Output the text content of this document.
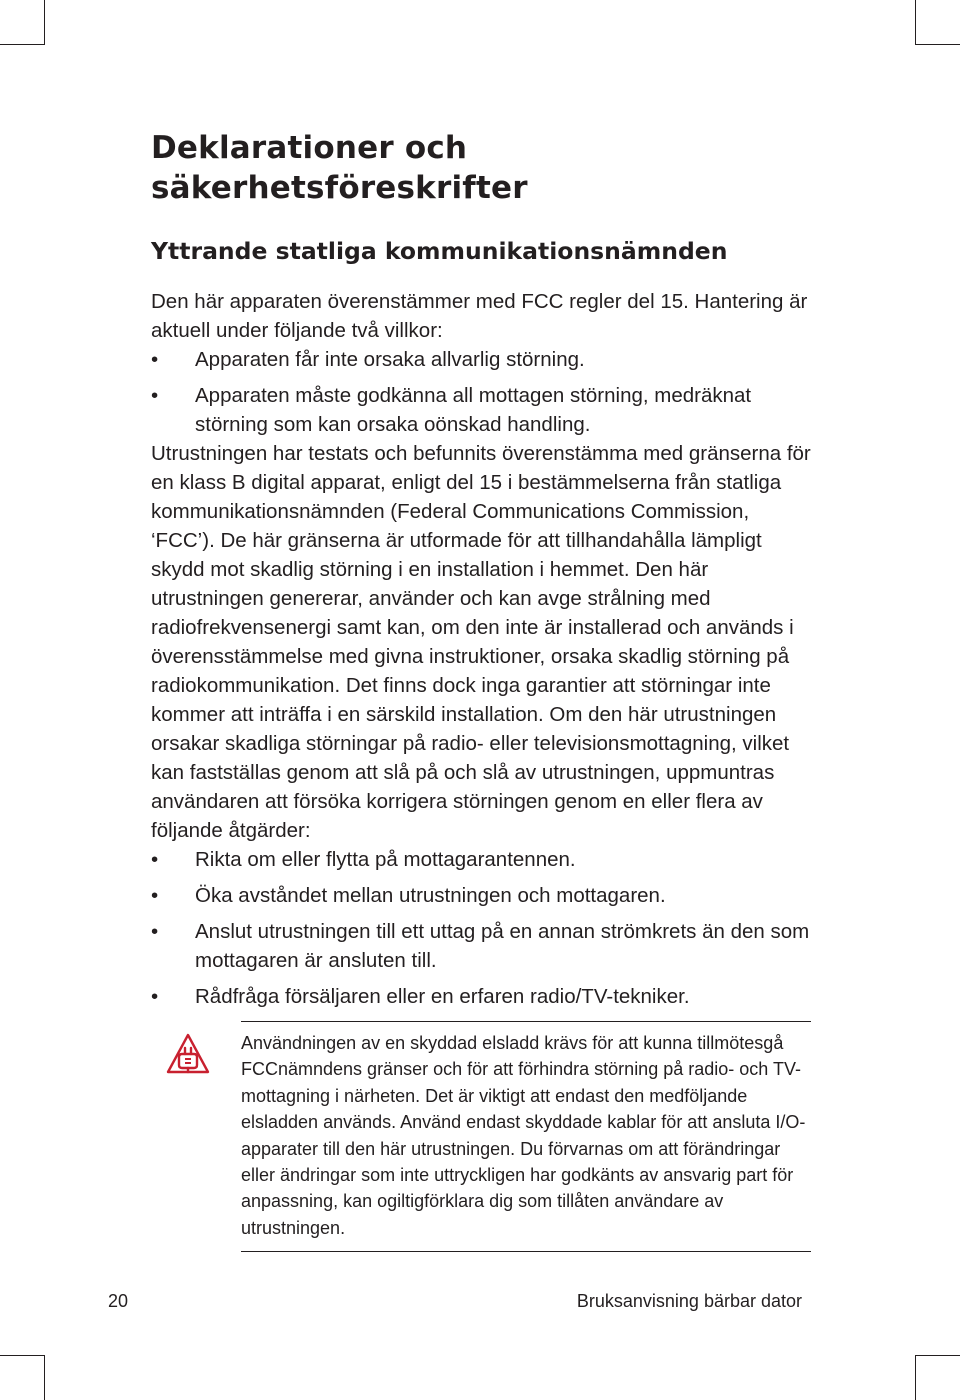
Deklarationer och
säkerhetsföreskrifter
Yttrande statliga kommunikationsnämnden

Den här apparaten överenstämmer med FCC regler del 15. Hantering är aktuell under följande två villkor:

• Apparaten får inte orsaka allvarlig störning.
• Apparaten måste godkänna all mottagen störning, medräknat störning som kan orsaka oönskad handling.

Utrustningen har testats och befunnits överenstämma med gränserna för en klass B digital apparat, enligt del 15 i bestämmelserna från statliga kommunikationsnämnden (Federal Communications Commission, ‘FCC’). De här gränserna är utformade för att tillhandahålla lämpligt skydd mot skadlig störning i en installation i hemmet. Den här utrustningen genererar, använder och kan avge strålning med radiofrekvensenergi samt kan, om den inte är installerad och används i överensstämmelse med givna instruktioner, orsaka skadlig störning på radiokommunikation. Det finns dock inga garantier att störningar inte kommer att inträffa i en särskild installation. Om den här utrustningen orsakar skadliga störningar på radio- eller televisionsmottagning, vilket kan fastställas genom att slå på och slå av utrustningen, uppmuntras användaren att försöka korrigera störningen genom en eller flera av följande åtgärder:

• Rikta om eller flytta på mottagarantennen.
• Öka avståndet mellan utrustningen och mottagaren.
• Anslut utrustningen till ett uttag på en annan strömkrets än den som mottagaren är ansluten till.
• Rådfråga försäljaren eller en erfaren radio/TV-tekniker.

Användningen av en skyddad elsladd krävs för att kunna tillmötesgå FCCnämndens gränser och för att förhindra störning på radio- och TV-mottagning i närheten. Det är viktigt att endast den medföljande elsladden används. Använd endast skyddade kablar för att ansluta I/O-apparater till den här utrustningen. Du förvarnas om att förändringar eller ändringar som inte uttryckligen har godkänts av ansvarig part för anpassning, kan ogiltigförklara dig som tillåten användare av utrustningen.

20	Bruksanvisning bärbar dator
